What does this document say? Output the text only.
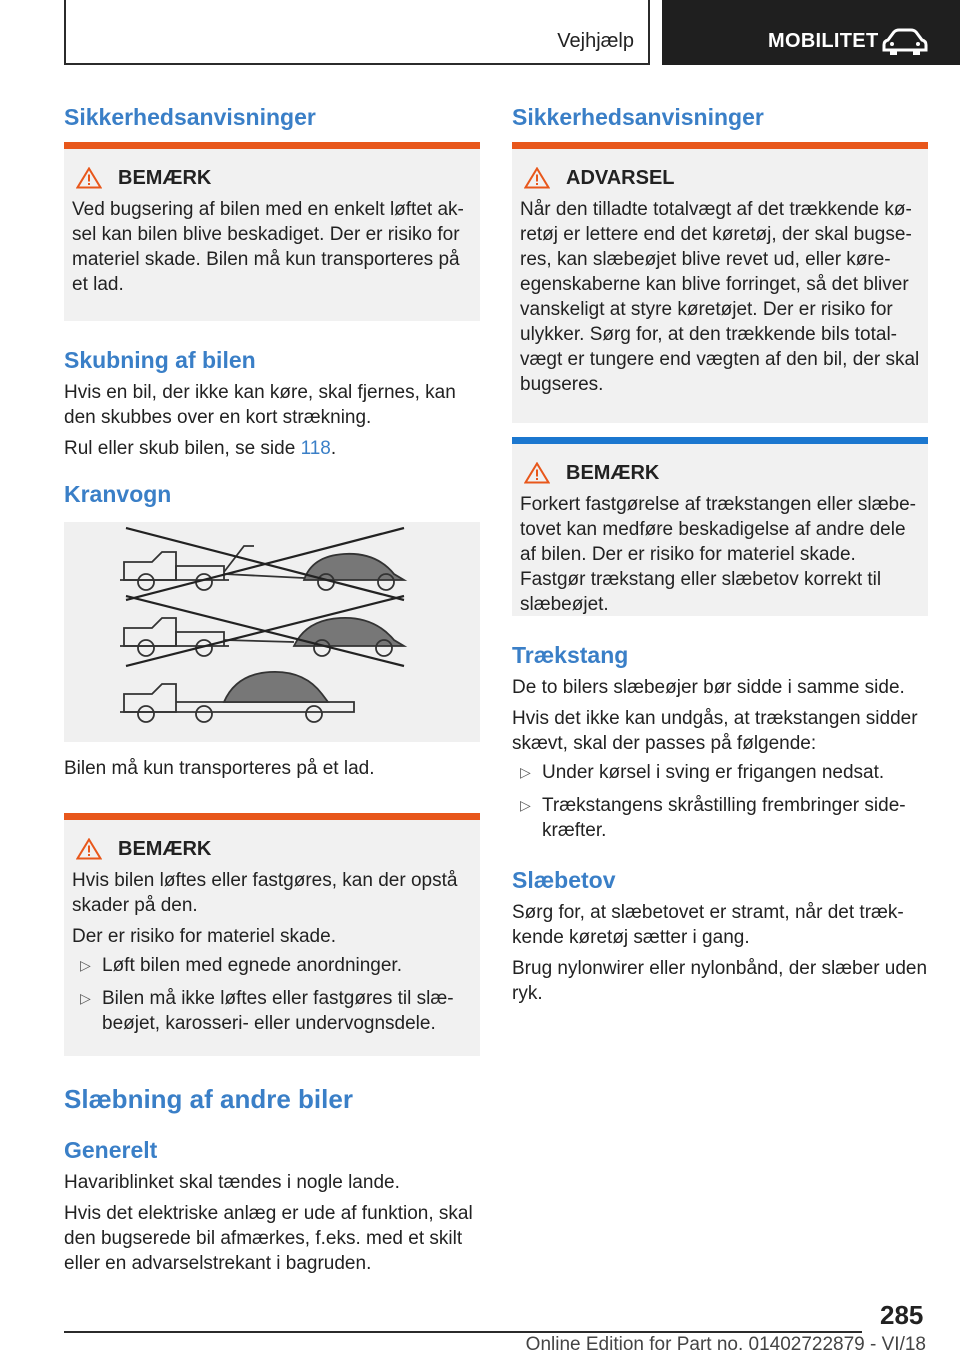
Vejhjælp	MOBILITET
Sikkerhedsanvisninger
BEMÆRK

Ved bugsering af bilen med en enkelt løftet ak-sel kan bilen blive beskadiget. Der er risiko for materiel skade. Bilen må kun transporteres på et lad.

Skubning af bilen

Hvis en bil, der ikke kan køre, skal fjernes, kan den skubbes over en kort strækning.

Rul eller skub bilen, se side 118.

Kranvogn

Bilen må kun transporteres på et lad.

BEMÆRK

Hvis bilen løftes eller fastgøres, kan der opstå skader på den.

Der er risiko for materiel skade.

▷ Løft bilen med egnede anordninger.
▷ Bilen må ikke løftes eller fastgøres til slæ-beøjet, karosseri- eller undervognsdele.
Slæbning af andre biler
Generelt

Havariblinket skal tændes i nogle lande.

Hvis det elektriske anlæg er ude af funktion, skal den bugserede bil afmærkes, f.eks. med et skilt eller en advarselstrekant i bagruden.

Sikkerhedsanvisninger
ADVARSEL

Når den tilladte totalvægt af det trækkende kø-retøj er lettere end det køretøj, der skal bugse-res, kan slæbeøjet blive revet ud, eller køre-egenskaberne kan blive forringet, så det bliver vanskeligt at styre køretøjet. Der er risiko for ulykker. Sørg for, at den trækkende bils total-vægt er tungere end vægten af den bil, der skal bugseres.

BEMÆRK

Forkert fastgørelse af trækstangen eller slæbe-tovet kan medføre beskadigelse af andre dele af bilen. Der er risiko for materiel skade. Fastgør trækstang eller slæbetov korrekt til slæbeøjet.

Trækstang

De to bilers slæbeøjer bør sidde i samme side.

Hvis det ikke kan undgås, at trækstangen sidder skævt, skal der passes på følgende:

▷ Under kørsel i sving er frigangen nedsat.
▷ Trækstangens skråstilling frembringer side-kræfter.
Slæbetov

Sørg for, at slæbetovet er stramt, når det træk-kende køretøj sætter i gang.

Brug nylonwirer eller nylonbånd, der slæber uden ryk.

285
Online Edition for Part no. 01402722879 - VI/18
